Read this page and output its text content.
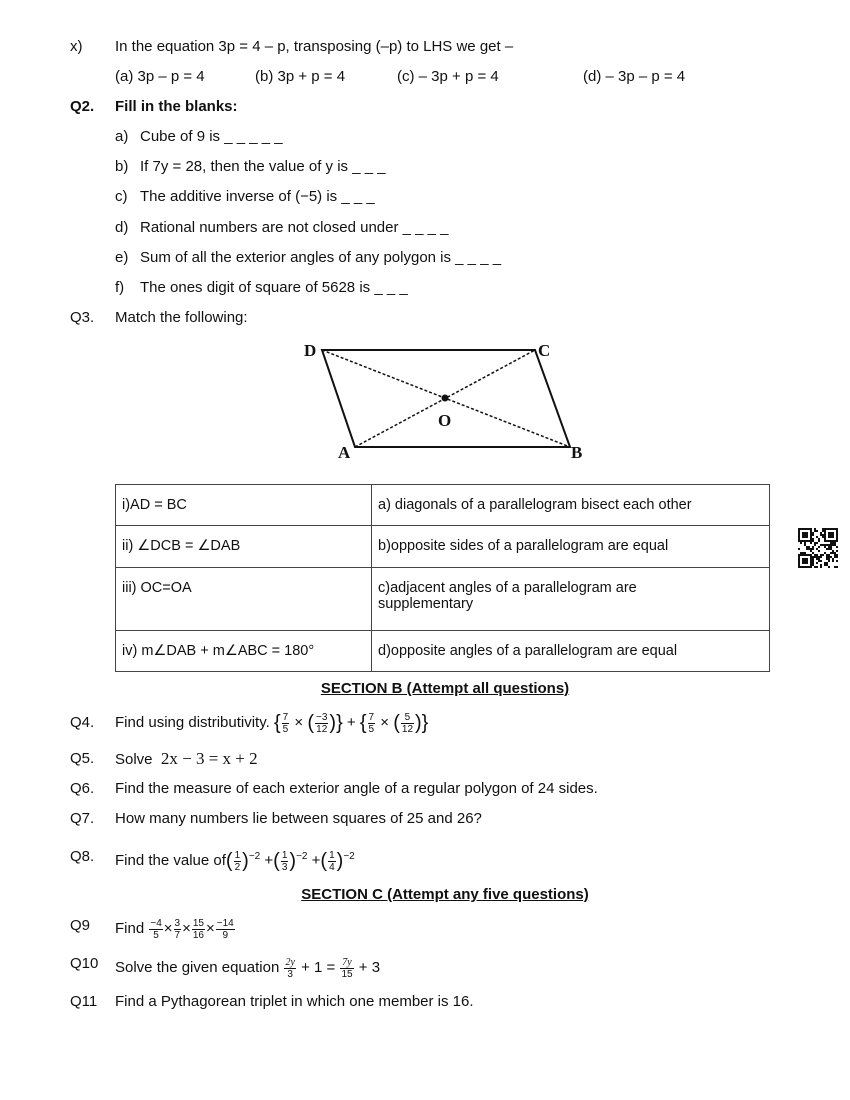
x) In the equation 3p = 4 – p, transposing (–p) to LHS we get –
(a) 3p – p = 4	(b) 3p + p = 4	(c) – 3p + p = 4	(d) – 3p – p = 4
Q2. Fill in the blanks:
a) Cube of 9 is _ _ _ _ _
b) If 7y = 28, then the value of y is _ _ _
c) The additive inverse of (−5) is _ _ _
d) Rational numbers are not closed under _ _ _ _
e) Sum of all the exterior angles of any polygon is _ _ _ _
f) The ones digit of square of 5628 is _ _ _
Q3. Match the following:
D	C
O
A	B
i)AD = BC	a) diagonals of a parallelogram bisect each other
ii) ∠DCB = ∠DAB	b)opposite sides of a parallelogram are equal
iii) OC=OA	c)adjacent angles of a parallelogram are supplementary
iv) m∠DAB + m∠ABC = 180°	d)opposite angles of a parallelogram are equal
SECTION B (Attempt all questions)
Q4. Find using distributivity. { $\frac{7}{5}$ × ( $\frac{-3}{12}$ )} + { $\frac{7}{5}$ × ( $\frac{5}{12}$ )}
Q5. Solve 2x − 3 = x + 2
Q6. Find the measure of each exterior angle of a regular polygon of 24 sides.
Q7. How many numbers lie between squares of 25 and 26?
Q8. Find the value $of( \frac{1}{2} )^{-2}$ +( $\frac{1}{3} )^{-2}$ +( $\frac{1}{4} )^{-2}$
SECTION C (Attempt any five questions)
Q9 Find $\frac{-4}{5} \times \frac{3}{7} \times \frac{15}{16} \times \frac{-14}{9}$
Q10 Solve the given equation $\frac{2y}{3} + 1 = \frac{7y}{15} + 3$
Q11 Find a Pythagorean triplet in which one member is 16.
